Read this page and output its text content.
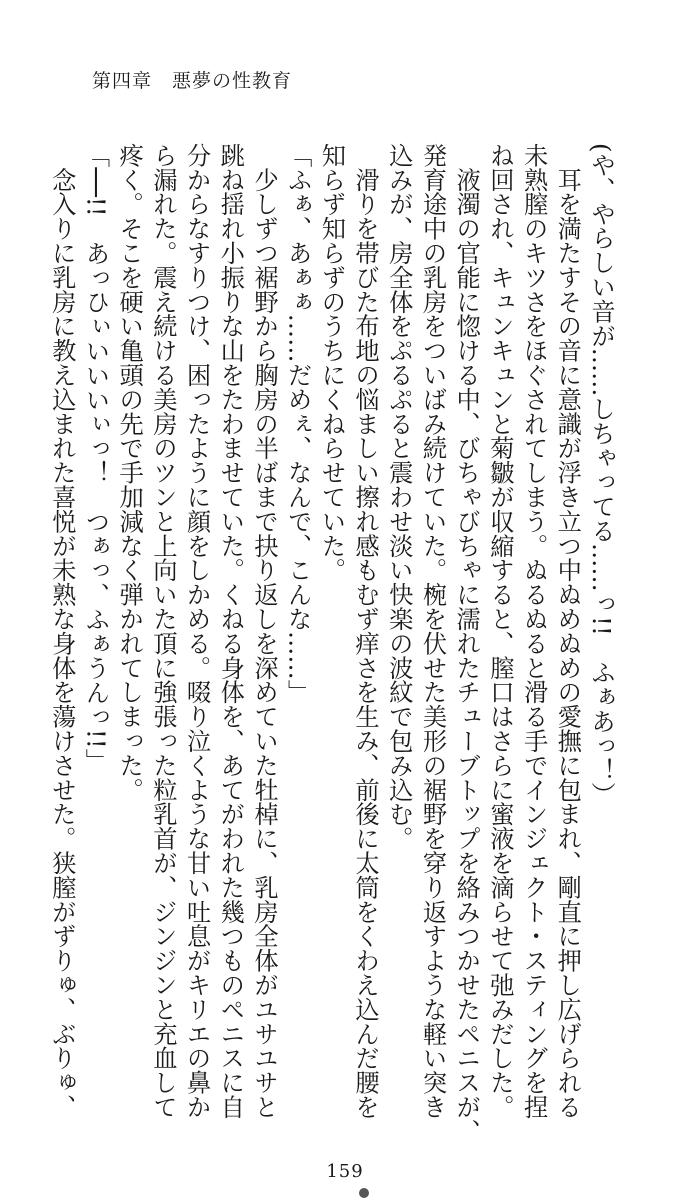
第四章　悪夢の性教育

(や、やらしい音が……しちゃってる……っ!!　ふぁあっ！）

　耳を満たすその音に意識が浮き立つ中ぬめぬめの愛撫に包まれ、剛直に押し広げられる

未熟膣のキツさをほぐされてしまう。ぬるぬると滑る手でインジェクト・スティングを捏

ね回され、キュンキュンと菊皺が収縮すると、膣口はさらに蜜液を滴らせて弛みだした。

　液濁の官能に惚ける中、びちゃびちゃに濡れたチューブトップを絡みつかせたペニスが、

発育途中の乳房をついばみ続けていた。椀を伏せた美形の裾野を穿り返すような軽い突き

込みが、房全体をぷるぷると震わせ淡い快楽の波紋で包み込む。

　滑りを帯びた布地の悩ましい擦れ感もむず痒さを生み、前後に太筒をくわえ込んだ腰を

知らず知らずのうちにくねらせていた。

「ふぁ、あぁぁ……だめぇ、なんで、こんな……」

　少しずつ裾野から胸房の半ばまで抉り返しを深めていた牡棹に、乳房全体がユサユサと

跳ね揺れ小振りな山をたわませていた。くねる身体を、あてがわれた幾つものペニスに自

分からなすりつけ、困ったように顔をしかめる。啜り泣くような甘い吐息がキリエの鼻か

ら漏れた。震え続ける美房のツンと上向いた頂に強張った粒乳首が、ジンジンと充血して

疼く。そこを硬い亀頭の先で手加減なく弾かれてしまった。

「──!!　あっひぃいいいぃっ！　つぁっ、ふぁうんっ!!」

　念入りに乳房に教え込まれた喜悦が未熟な身体を蕩けさせた。狭膣がずりゅ、ぶりゅ、

159
